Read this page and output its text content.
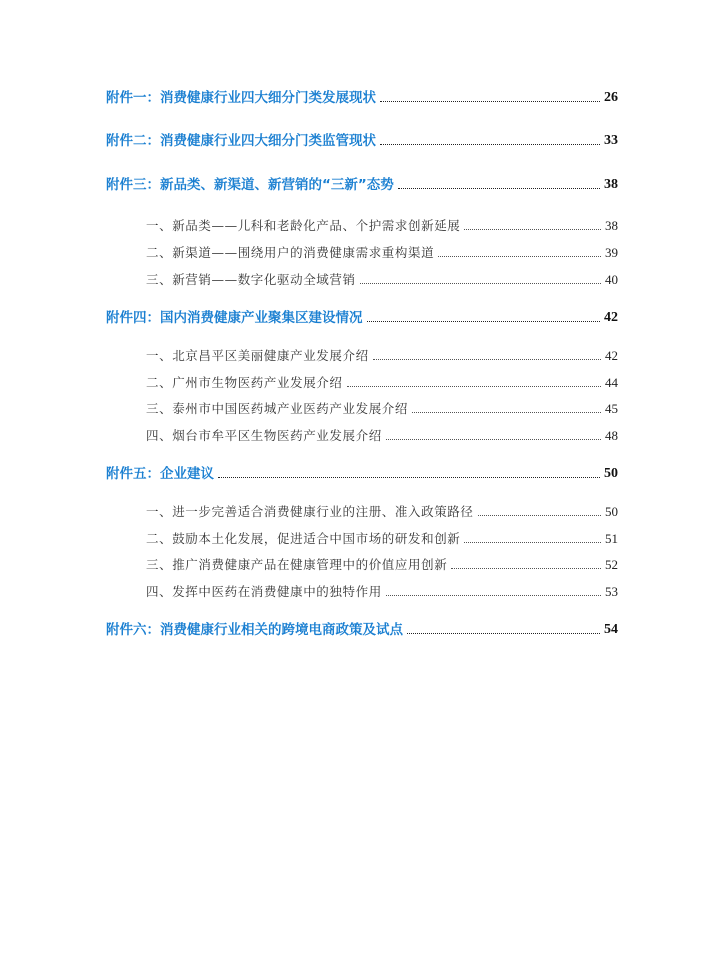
附件一：消费健康行业四大细分门类发展现状	26
附件二：消费健康行业四大细分门类监管现状	33
附件三：新品类、新渠道、新营销的“三新”态势	38
一、新品类——儿科和老龄化产品、个护需求创新延展	38
二、新渠道——围绕用户的消费健康需求重构渠道	39
三、新营销——数字化驱动全域营销	40
附件四：国内消费健康产业聚集区建设情况	42
一、北京昌平区美丽健康产业发展介绍	42
二、广州市生物医药产业发展介绍	44
三、泰州市中国医药城产业医药产业发展介绍	45
四、烟台市牟平区生物医药产业发展介绍	48
附件五：企业建议	50
一、进一步完善适合消费健康行业的注册、准入政策路径	50
二、鼓励本土化发展，促进适合中国市场的研发和创新	51
三、推广消费健康产品在健康管理中的价值应用创新	52
四、发挥中医药在消费健康中的独特作用	53
附件六：消费健康行业相关的跨境电商政策及试点	54
